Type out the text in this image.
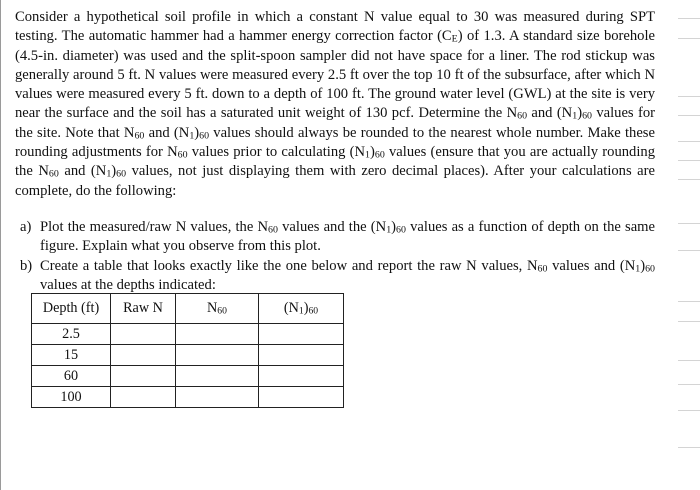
Consider a hypothetical soil profile in which a constant N value equal to 30 was measured during SPT testing. The automatic hammer had a hammer energy correction factor $(C_E)$ of 1.3. A standard size borehole (4.5-in. diameter) was used and the split-spoon sampler did not have space for a liner. The rod stickup was generally around 5 ft. N values were measured every 2.5 ft over the top 10 ft of the subsurface, after which N values were measured every 5 ft. down to a depth of 100 ft. The ground water level (GWL) at the site is very near the surface and the soil has a saturated unit weight of 130 pcf. Determine the $N_{60}$ and $(N_1)_{60}$ values for the site. Note that $N_{60}$ and $(N_1)_{60}$ values should always be rounded to the nearest whole number. Make these rounding adjustments for $N_{60}$ values prior to calculating $(N_1)_{60}$ values (ensure that you are actually rounding the $N_{60}$ and $(N_1)_{60}$ values, not just displaying them with zero decimal places). After your calculations are complete, do the following:

a) Plot the measured/raw N values, the $N_{60}$ values and the $(N_1)_{60}$ values as a function of depth on the same figure. Explain what you observe from this plot.
b) Create a table that looks exactly like the one below and report the raw N values, $N_{60}$ values and $(N_1)_{60}$ values at the depths indicated:
Depth (ft)	Raw N	$N_{60}$	$(N_1)_{60}$
2.5			
15			
60			
100			
